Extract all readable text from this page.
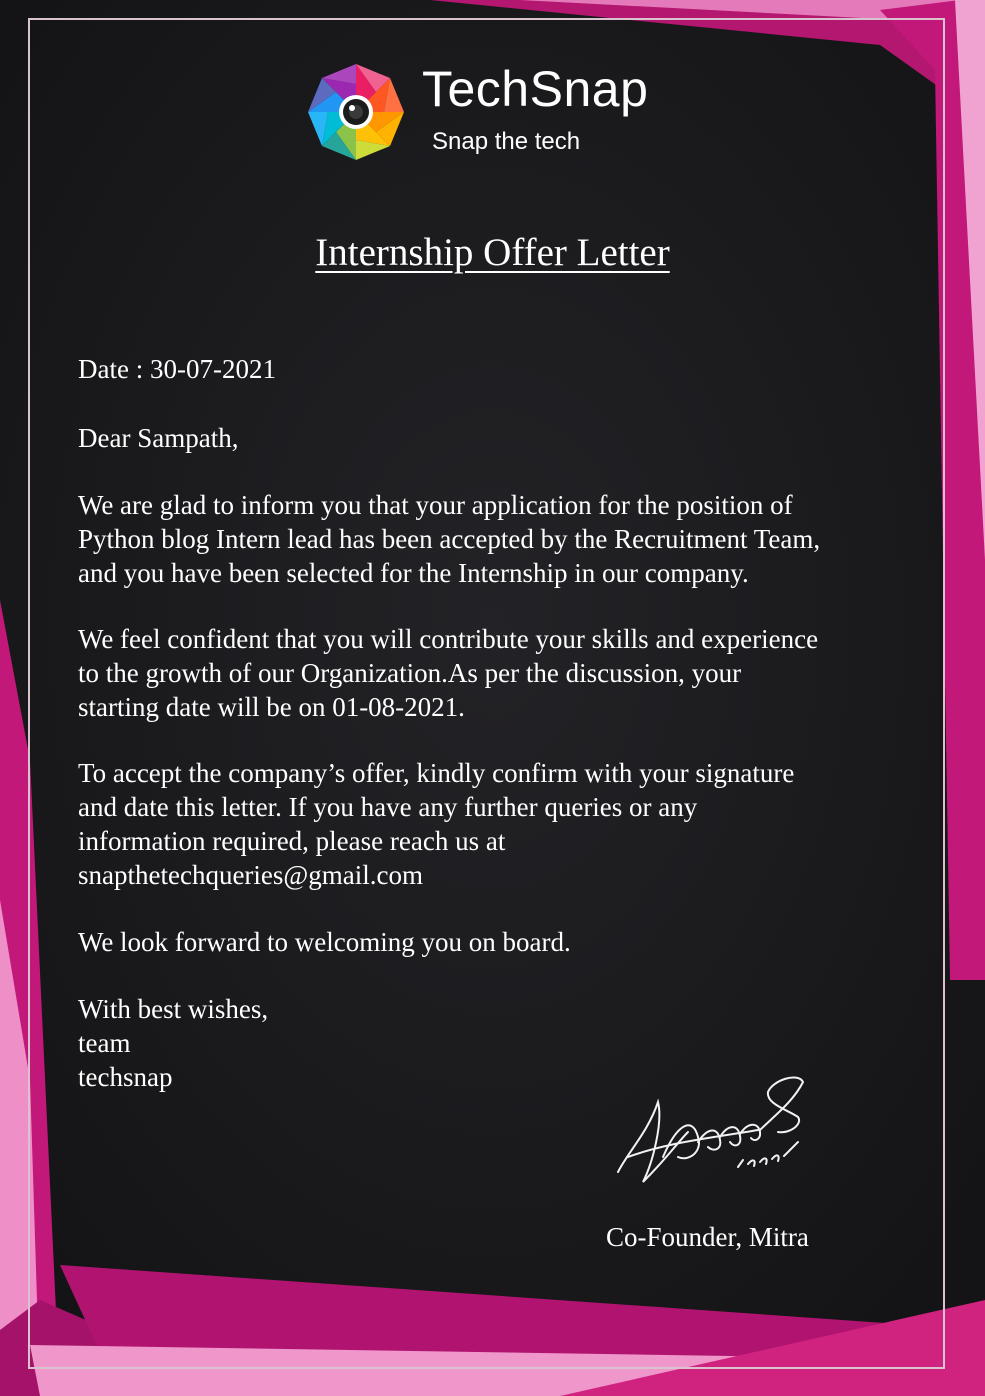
TechSnap
Snap the tech
Internship Offer Letter
Date : 30-07-2021
Dear Sampath,
We are glad to inform you that your application for the position of
Python blog Intern lead has been accepted by the Recruitment Team,
and you have been selected for the Internship in our company.
We feel confident that you will contribute your skills and experience
to the growth of our Organization.As per the discussion, your
starting date will be on 01-08-2021.
To accept the company’s offer, kindly confirm with your signature
and date this letter. If you have any further queries or any
information required, please reach us at
snapthetechqueries@gmail.com
We look forward to welcoming you on board.
With best wishes,
team
techsnap
Co-Founder, Mitra
